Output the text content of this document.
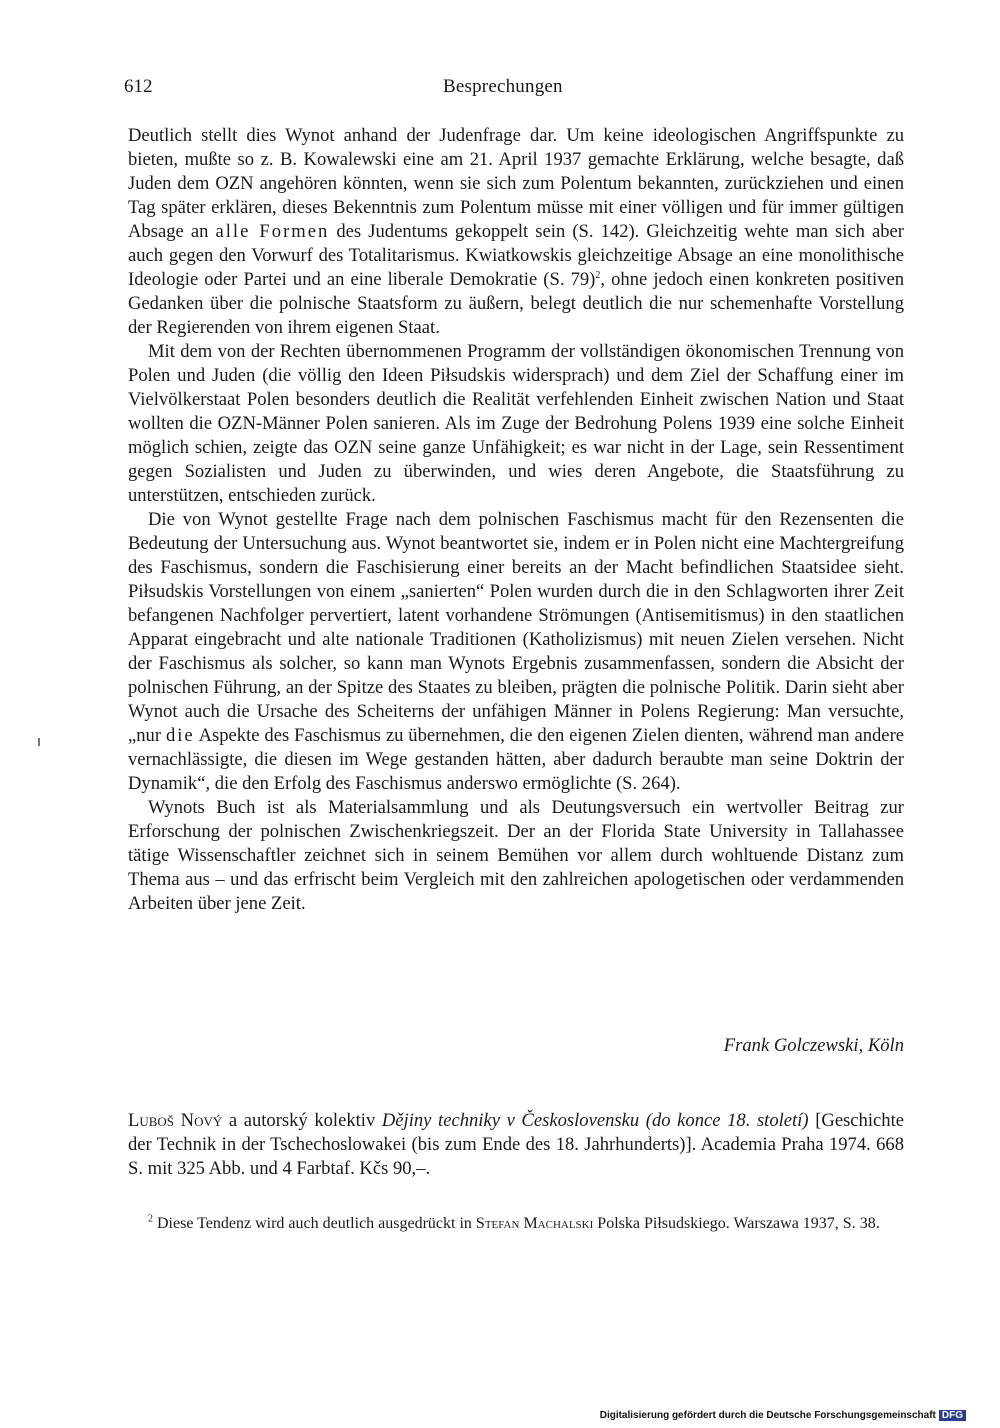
612	Besprechungen

Deutlich stellt dies Wynot anhand der Judenfrage dar. Um keine ideologischen Angriffspunkte zu bieten, mußte so z. B. Kowalewski eine am 21. April 1937 gemachte Erklärung, welche besagte, daß Juden dem OZN angehören könnten, wenn sie sich zum Polentum bekannten, zurückziehen und einen Tag später erklären, dieses Bekenntnis zum Polentum müsse mit einer völligen und für immer gültigen Absage an alle Formen des Judentums gekoppelt sein (S. 142). Gleichzeitig wehte man sich aber auch gegen den Vorwurf des Totalitarismus. Kwiatkowskis gleichzeitige Absage an eine monolithische Ideologie oder Partei und an eine liberale Demokratie (S. 79)$^2$, ohne jedoch einen konkreten positiven Gedanken über die polnische Staatsform zu äußern, belegt deutlich die nur schemenhafte Vorstellung der Regierenden von ihrem eigenen Staat.

Mit dem von der Rechten übernommenen Programm der vollständigen ökonomischen Trennung von Polen und Juden (die völlig den Ideen Piłsudskis widersprach) und dem Ziel der Schaffung einer im Vielvölkerstaat Polen besonders deutlich die Realität verfehlenden Einheit zwischen Nation und Staat wollten die OZN-Männer Polen sanieren. Als im Zuge der Bedrohung Polens 1939 eine solche Einheit möglich schien, zeigte das OZN seine ganze Unfähigkeit; es war nicht in der Lage, sein Ressentiment gegen Sozialisten und Juden zu überwinden, und wies deren Angebote, die Staatsführung zu unterstützen, entschieden zurück.

Die von Wynot gestellte Frage nach dem polnischen Faschismus macht für den Rezensenten die Bedeutung der Untersuchung aus. Wynot beantwortet sie, indem er in Polen nicht eine Machtergreifung des Faschismus, sondern die Faschisierung einer bereits an der Macht befindlichen Staatsidee sieht. Piłsudskis Vorstellungen von einem „sanierten“ Polen wurden durch die in den Schlagworten ihrer Zeit befangenen Nachfolger pervertiert, latent vorhandene Strömungen (Antisemitismus) in den staatlichen Apparat eingebracht und alte nationale Traditionen (Katholizismus) mit neuen Zielen versehen. Nicht der Faschismus als solcher, so kann man Wynots Ergebnis zusammenfassen, sondern die Absicht der polnischen Führung, an der Spitze des Staates zu bleiben, prägten die polnische Politik. Darin sieht aber Wynot auch die Ursache des Scheiterns der unfähigen Männer in Polens Regierung: Man versuchte, „nur die Aspekte des Faschismus zu übernehmen, die den eigenen Zielen dienten, während man andere vernachlässigte, die diesen im Wege gestanden hätten, aber dadurch beraubte man seine Doktrin der Dynamik“, die den Erfolg des Faschismus anderswo ermöglichte (S. 264).

Wynots Buch ist als Materialsammlung und als Deutungsversuch ein wertvoller Beitrag zur Erforschung der polnischen Zwischenkriegszeit. Der an der Florida State University in Tallahassee tätige Wissenschaftler zeichnet sich in seinem Bemühen vor allem durch wohltuende Distanz zum Thema aus – und das erfrischt beim Vergleich mit den zahlreichen apologetischen oder verdammenden Arbeiten über jene Zeit.

Frank Golczewski, Köln
Luboš Nový a autorský kolektiv Dějiny techniky v Československu (do konce 18. století) [Geschichte der Technik in der Tschechoslowakei (bis zum Ende des 18. Jahrhunderts)]. Academia Praha 1974. 668 S. mit 325 Abb. und 4 Farbtaf. Kčs 90,–.
$^2$ Diese Tendenz wird auch deutlich ausgedrückt in Stefan Machalski Polska Piłsudskiego. Warszawa 1937, S. 38.
Digitalisierung gefördert durch die Deutsche Forschungsgemeinschaft DFG
